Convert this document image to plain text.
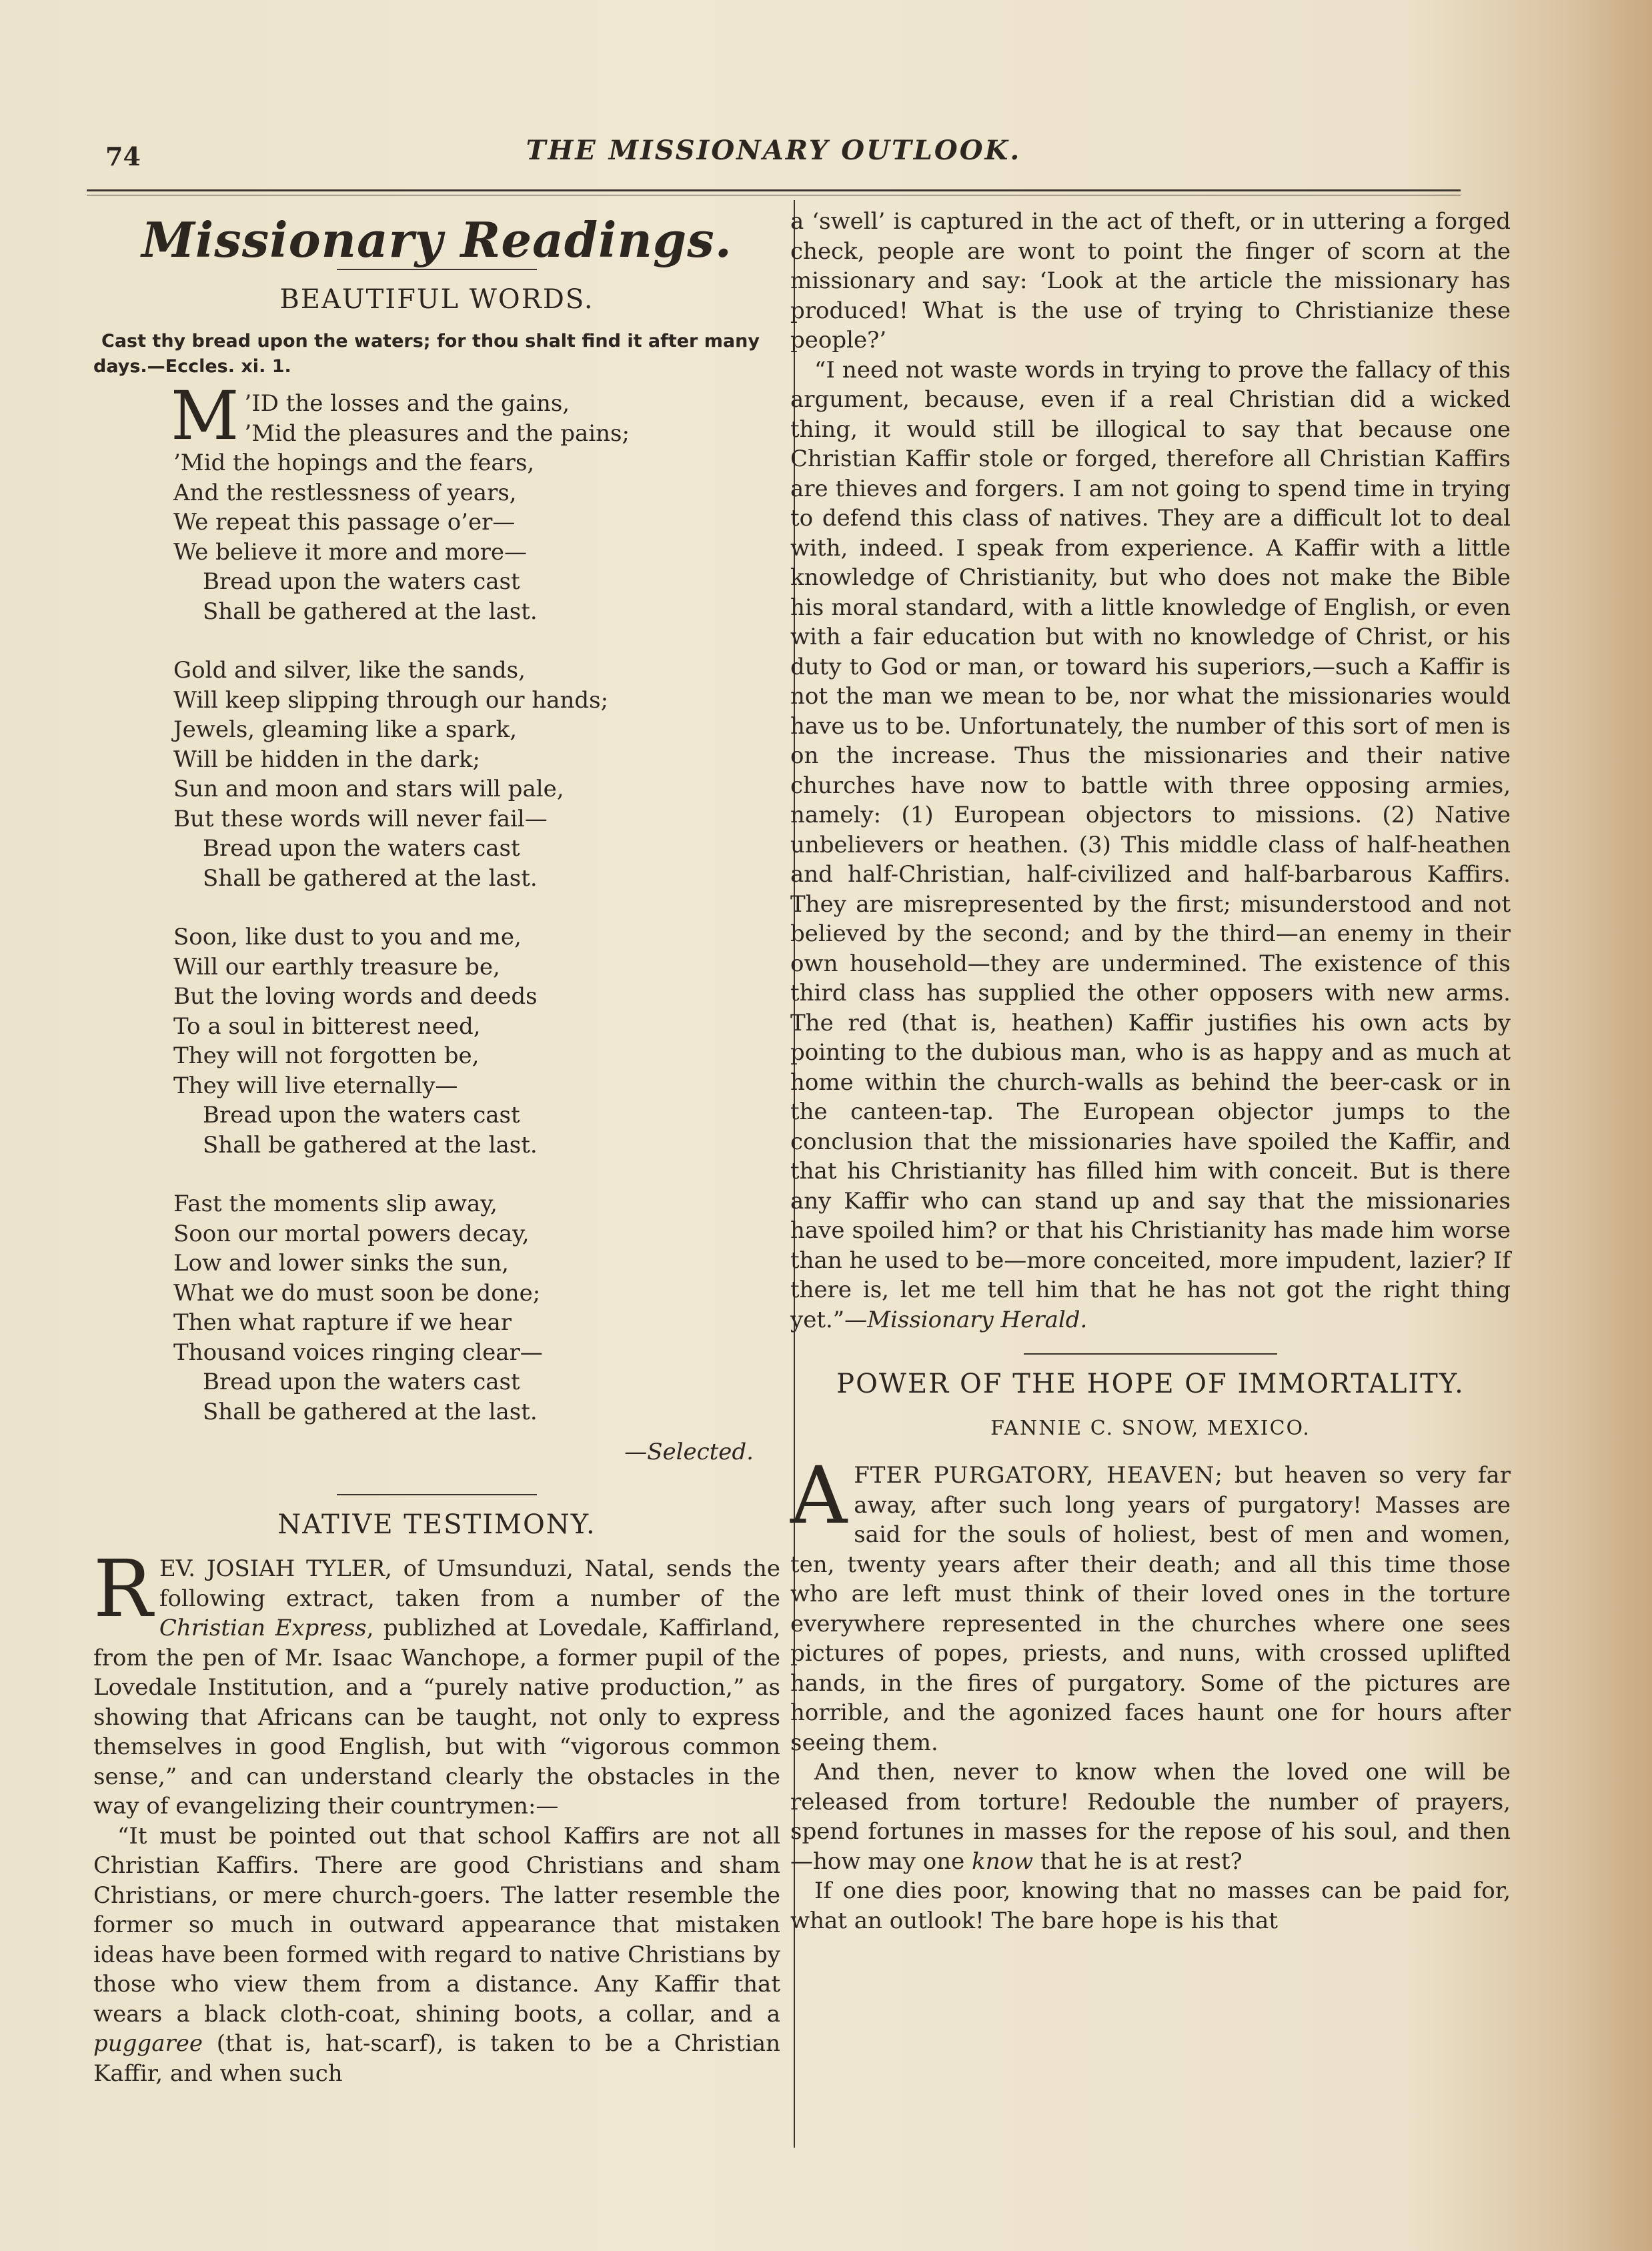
74	THE MISSIONARY OUTLOOK.
Missionary Readings.
BEAUTIFUL WORDS.

Cast thy bread upon the waters; for thou shalt find it after many days.—Eccles. xi. 1.

M ’ID the losses and the gains,
’Mid the pleasures and the pains;
’Mid the hopings and the fears,
And the restlessness of years,
We repeat this passage o’er—
We believe it more and more—
Bread upon the waters cast
Shall be gathered at the last.
Gold and silver, like the sands,
Will keep slipping through our hands;
Jewels, gleaming like a spark,
Will be hidden in the dark;
Sun and moon and stars will pale,
But these words will never fail—
Bread upon the waters cast
Shall be gathered at the last.
Soon, like dust to you and me,
Will our earthly treasure be,
But the loving words and deeds
To a soul in bitterest need,
They will not forgotten be,
They will live eternally—
Bread upon the waters cast
Shall be gathered at the last.
Fast the moments slip away,
Soon our mortal powers decay,
Low and lower sinks the sun,
What we do must soon be done;
Then what rapture if we hear
Thousand voices ringing clear—
Bread upon the waters cast
Shall be gathered at the last.
—Selected.
NATIVE TESTIMONY.

REV. JOSIAH TYLER, of Umsunduzi, Natal, sends the following extract, taken from a number of the Christian Express, publizhed at Lovedale, Kaffirland, from the pen of Mr. Isaac Wanchope, a former pupil of the Lovedale Institution, and a “purely native production,” as showing that Africans can be taught, not only to express themselves in good English, but with “vigorous common sense,” and can understand clearly the obstacles in the way of evangelizing their countrymen:—

“It must be pointed out that school Kaffirs are not all Christian Kaffirs. There are good Christians and sham Christians, or mere church-goers. The latter resemble the former so much in outward appearance that mistaken ideas have been formed with regard to native Christians by those who view them from a distance. Any Kaffir that wears a black cloth-coat, shining boots, a collar, and a puggaree (that is, hat-scarf), is taken to be a Christian Kaffir, and when such

a ‘swell’ is captured in the act of theft, or in uttering a forged check, people are wont to point the finger of scorn at the missionary and say: ‘Look at the article the missionary has produced! What is the use of trying to Christianize these people?’

“I need not waste words in trying to prove the fallacy of this argument, because, even if a real Christian did a wicked thing, it would still be illogical to say that because one Christian Kaffir stole or forged, therefore all Christian Kaffirs are thieves and forgers. I am not going to spend time in trying to defend this class of natives. They are a difficult lot to deal with, indeed. I speak from experience. A Kaffir with a little knowledge of Christianity, but who does not make the Bible his moral standard, with a little knowledge of English, or even with a fair education but with no knowledge of Christ, or his duty to God or man, or toward his superiors,—such a Kaffir is not the man we mean to be, nor what the missionaries would have us to be. Unfortunately, the number of this sort of men is on the increase. Thus the missionaries and their native churches have now to battle with three opposing armies, namely: (1) European objectors to missions. (2) Native unbelievers or heathen. (3) This middle class of half-heathen and half-Christian, half-civilized and half-barbarous Kaffirs. They are misrepresented by the first; misunderstood and not believed by the second; and by the third—an enemy in their own household—they are undermined. The existence of this third class has supplied the other opposers with new arms. The red (that is, heathen) Kaffir justifies his own acts by pointing to the dubious man, who is as happy and as much at home within the church-walls as behind the beer-cask or in the canteen-tap. The European objector jumps to the conclusion that the missionaries have spoiled the Kaffir, and that his Christianity has filled him with conceit. But is there any Kaffir who can stand up and say that the missionaries have spoiled him? or that his Christianity has made him worse than he used to be—more conceited, more impudent, lazier? If there is, let me tell him that he has not got the right thing yet.”—Missionary Herald.

POWER OF THE HOPE OF IMMORTALITY.
FANNIE C. SNOW, MEXICO.

AFTER PURGATORY, HEAVEN; but heaven so very far away, after such long years of purgatory! Masses are said for the souls of holiest, best of men and women, ten, twenty years after their death; and all this time those who are left must think of their loved ones in the torture everywhere represented in the churches where one sees pictures of popes, priests, and nuns, with crossed uplifted hands, in the fires of purgatory. Some of the pictures are horrible, and the agonized faces haunt one for hours after seeing them.

And then, never to know when the loved one will be released from torture! Redouble the number of prayers, spend fortunes in masses for the repose of his soul, and then—how may one know that he is at rest?

If one dies poor, knowing that no masses can be paid for, what an outlook! The bare hope is his that
